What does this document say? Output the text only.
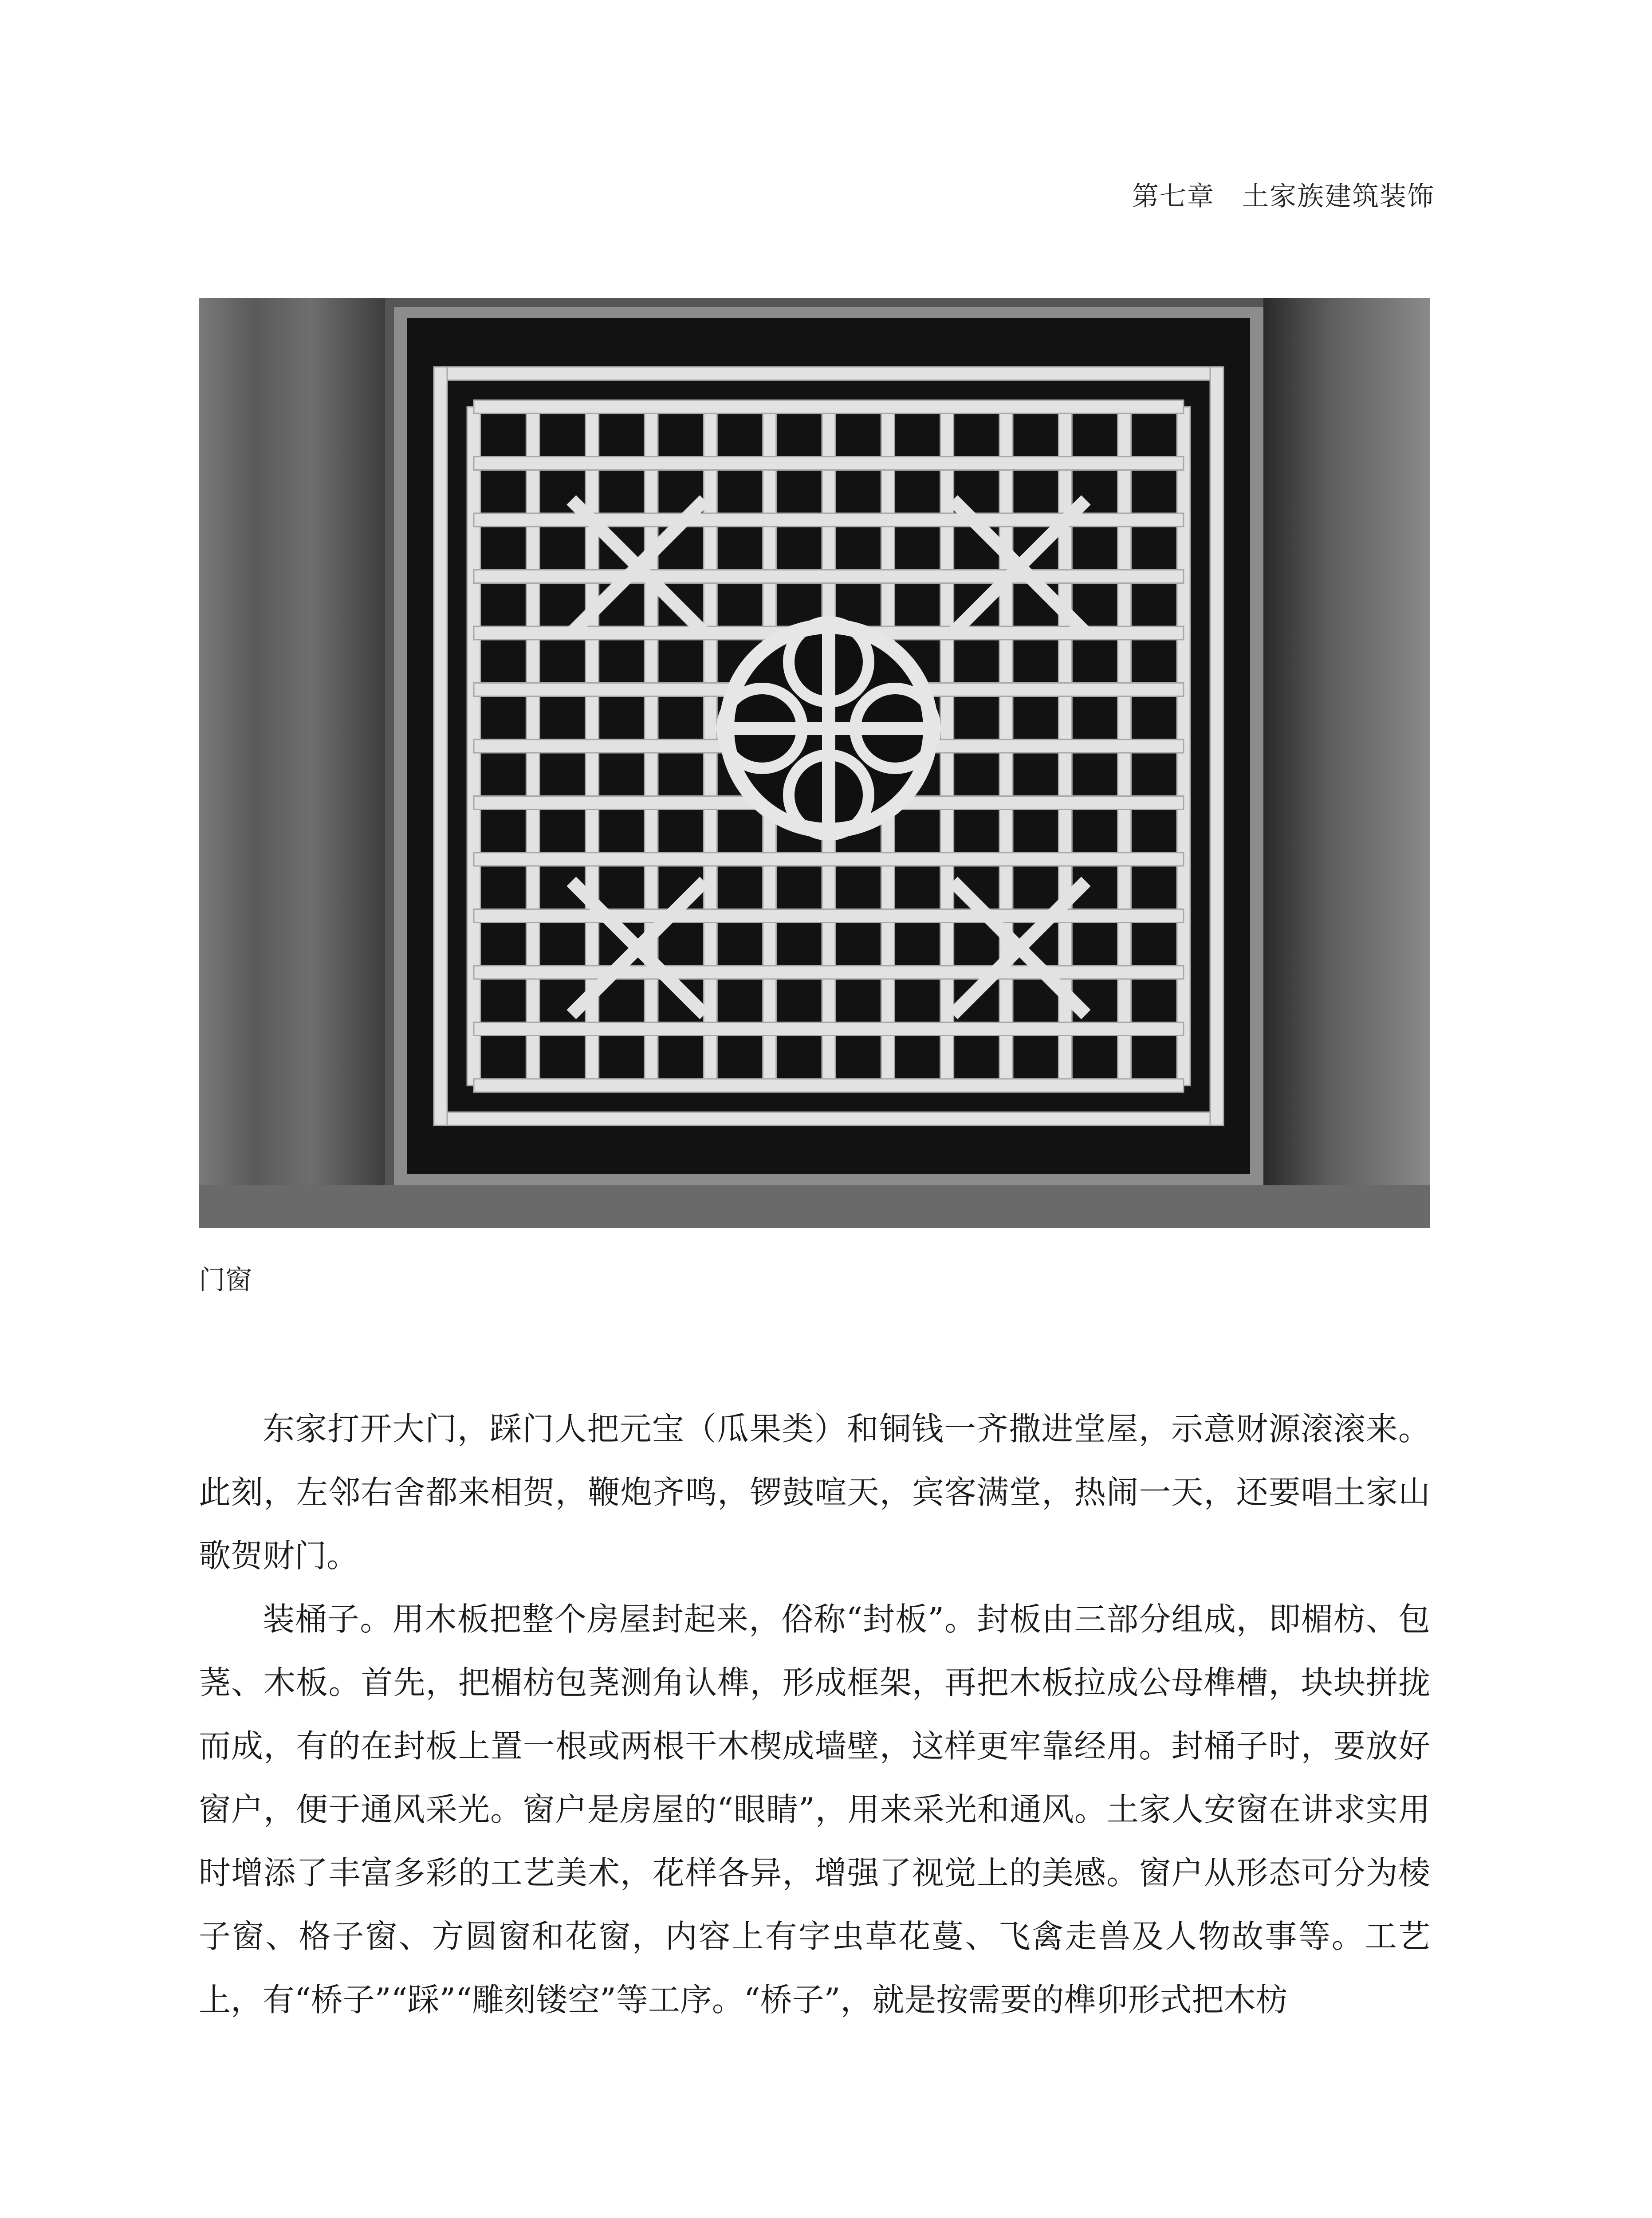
第七章　土家族建筑装饰
门窗

东家打开大门，踩门人把元宝（瓜果类）和铜钱一齐撒进堂屋，示意财源滚滚来。此刻，左邻右舍都来相贺，鞭炮齐鸣，锣鼓喧天，宾客满堂，热闹一天，还要唱土家山歌贺财门。

装桶子。用木板把整个房屋封起来，俗称“封板”。封板由三部分组成，即楣枋、包荛、木板。首先，把楣枋包荛测角认榫，形成框架，再把木板拉成公母榫槽，块块拼拢而成，有的在封板上置一根或两根干木楔成墙壁，这样更牢靠经用。封桶子时，要放好窗户，便于通风采光。窗户是房屋的“眼睛”，用来采光和通风。土家人安窗在讲求实用时增添了丰富多彩的工艺美术，花样各异，增强了视觉上的美感。窗户从形态可分为棱子窗、格子窗、方圆窗和花窗，内容上有字虫草花蔓、飞禽走兽及人物故事等。工艺上，有“桥子”“踩”“雕刻镂空”等工序。“桥子”，就是按需要的榫卯形式把木枋
